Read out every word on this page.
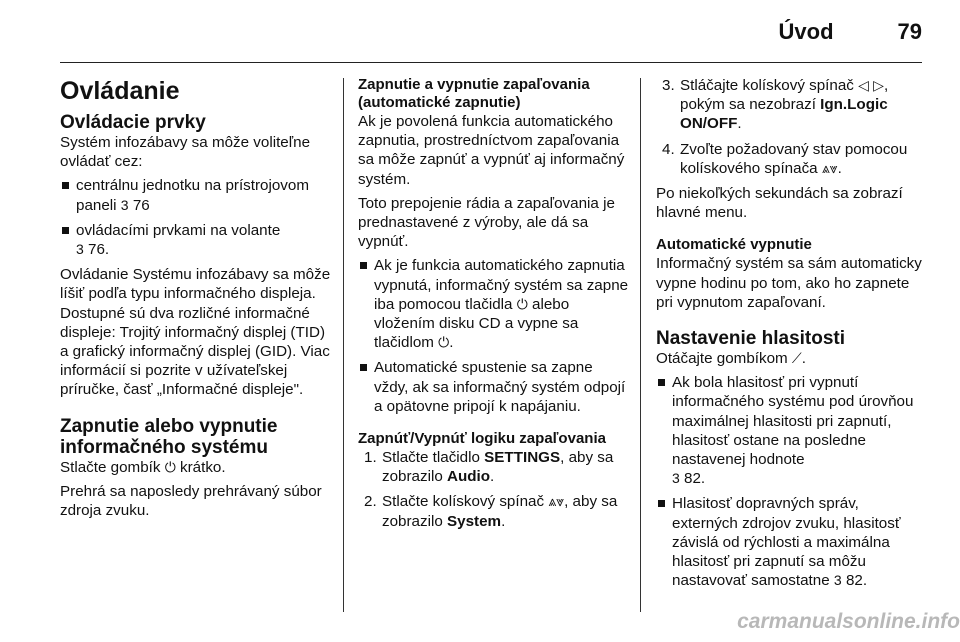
Úvod	79
Ovládanie
Ovládacie prvky

Systém infozábavy sa môže voliteľne ovládať cez:

centrálnu jednotku na prístrojovom paneli 3 76
ovládacími prvkami na volante
3 76.

Ovládanie Systému infozábavy sa môže líšiť podľa typu informačného displeja. Dostupné sú dva rozličné informačné displeje: Trojitý informačný displej (TID) a grafický informačný displej (GID). Viac informácií si pozrite v užívateľskej príručke, časť „Informačné displeje".

Zapnutie alebo vypnutie informačného systému

Stlačte gombík ⏻ krátko.

Prehrá sa naposledy prehrávaný súbor zdroja zvuku.

Zapnutie a vypnutie zapaľovania (automatické zapnutie)

Ak je povolená funkcia automatického zapnutia, prostredníctvom zapaľovania sa môže zapnúť a vypnúť aj informačný systém.

Toto prepojenie rádia a zapaľovania je prednastavené z výroby, ale dá sa vypnúť.

Ak je funkcia automatického zapnutia vypnutá, informačný systém sa zapne iba pomocou tlačidla ⏻ alebo vložením disku CD a vypne sa tlačidlom ⏻.
Automatické spustenie sa zapne vždy, ak sa informačný systém odpojí a opätovne pripojí k napájaniu.
Zapnúť/Vypnúť logiku zapaľovania
1. Stlačte tlačidlo SETTINGS, aby sa zobrazilo Audio.
2. Stlačte kolískový spínač ⩓⩔, aby sa zobrazilo System.
3. Stláčajte kolískový spínač ◁ ▷, pokým sa nezobrazí Ign.Logic ON/OFF.
4. Zvoľte požadovaný stav pomocou kolískového spínača ⩓⩔.

Po niekoľkých sekundách sa zobrazí hlavné menu.

Automatické vypnutie

Informačný systém sa sám automaticky vypne hodinu po tom, ako ho zapnete pri vypnutom zapaľovaní.

Nastavenie hlasitosti

Otáčajte gombíkom ⟋.

Ak bola hlasitosť pri vypnutí informačného systému pod úrovňou maximálnej hlasitosti pri zapnutí, hlasitosť ostane na posledne nastavenej hodnote
3 82.
Hlasitosť dopravných správ, externých zdrojov zvuku, hlasitosť závislá od rýchlosti a maximálna hlasitosť pri zapnutí sa môžu nastavovať samostatne 3 82.
carmanualsonline.info
